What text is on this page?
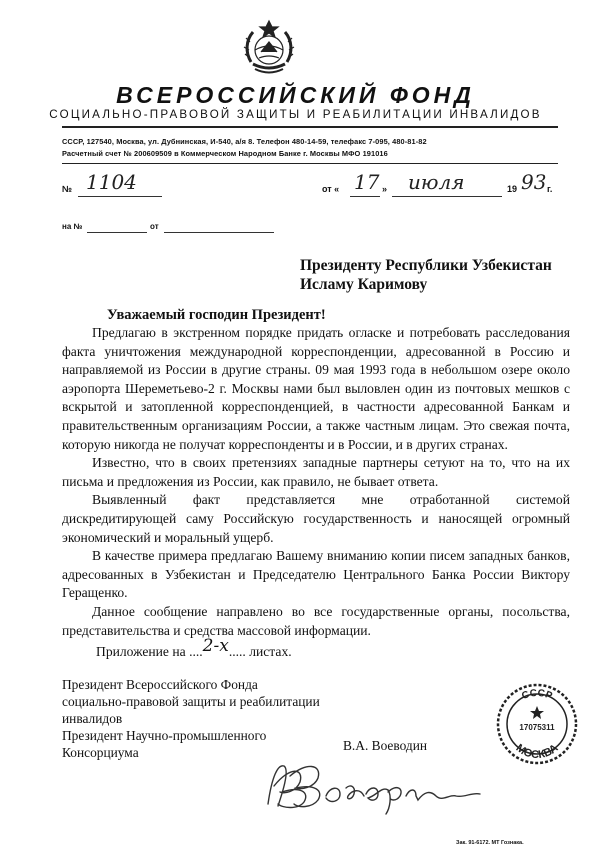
ВСЕРОССИЙСКИЙ ФОНД
СОЦИАЛЬНО-ПРАВОВОЙ ЗАЩИТЫ И РЕАБИЛИТАЦИИ ИНВАЛИДОВ
СССР, 127540, Москва, ул. Дубнинская, И-540, а/я 8. Телефон 480-14-59, телефакс 7-095, 480-81-82
Расчетный счет № 200609509 в Коммерческом Народном Банке г. Москвы МФО 191016
№ 1104	от « 17 » июля	19 93 г.
на №	от
Президенту Республики Узбекистан
Исламу Каримову
Уважаемый господин Президент!

Предлагаю в экстренном порядке придать огласке и потребовать расследования факта уничтожения международной корреспонденции, адресованной в Россию и направляемой из России в другие страны. 09 мая 1993 года в небольшом озере около аэропорта Шереметьево-2 г. Москвы нами был выловлен один из почтовых мешков с вскрытой и затопленной корреспонденцией, в частности адресованной Банкам и правительственным организациям России, а также частным лицам. Это свежая почта, которую никогда не получат корреспонденты и в России, и в других странах.

Известно, что в своих претензиях западные партнеры сетуют на то, что на их письма и предложения из России, как правило, не бывает ответа.

Выявленный факт представляется мне отработанной системой дискредитирующей саму Российскую государственность и наносящей огромный экономический и моральный ущерб.

В качестве примера предлагаю Вашему вниманию копии писем западных банков, адресованных в Узбекистан и Председателю Центрального Банка России Виктору Геращенко.

Данное сообщение направлено во все государственные органы, посольства, представительства и средства массовой информации.

Приложение на ....2-х..... листах.
Президент Всероссийского Фонда
социально-правовой защиты и реабилитации
инвалидов
Президент Научно-промышленного
Консорциума	В.А. Воеводин
СССР
17075311
МОСКВА
Зак. 91-6172. МТ Гознака.
